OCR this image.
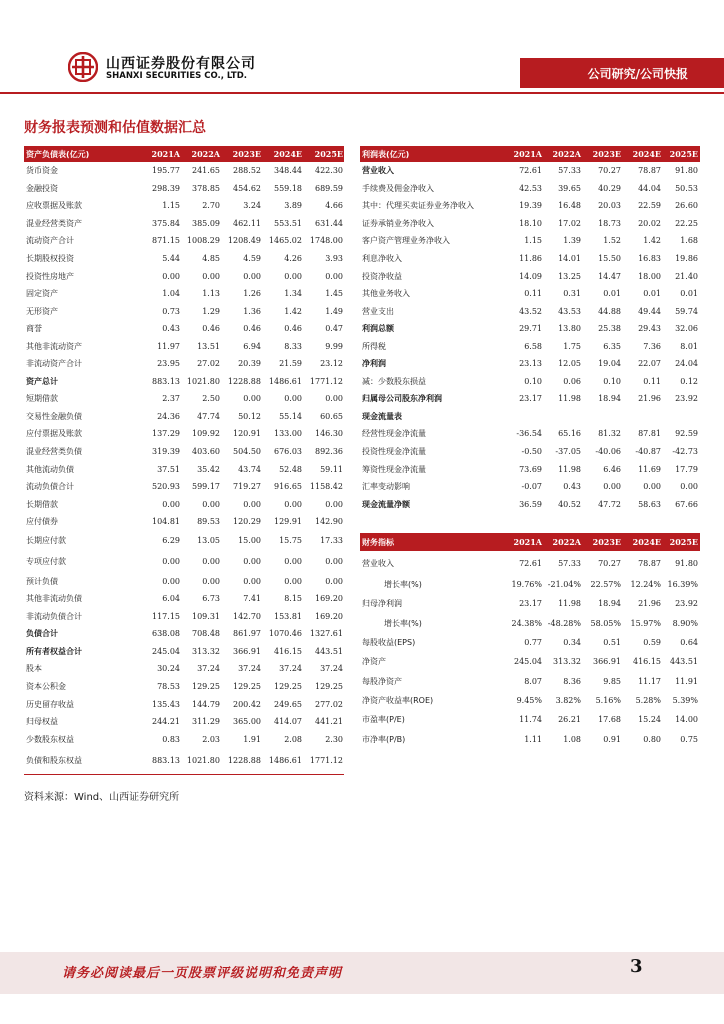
山西证券股份有限公司
SHANXI SECURITIES CO., LTD.	公司研究/公司快报
财务报表预测和估值数据汇总
资产负债表(亿元)	2021A	2022A	2023E	2024E	2025E
货币资金	195.77	241.65	288.52	348.44	422.30
金融投资	298.39	378.85	454.62	559.18	689.59
应收票据及账款	1.15	2.70	3.24	3.89	4.66
混业经营类资产	375.84	385.09	462.11	553.51	631.44
流动资产合计	871.15 1008.29 1208.49 1465.02 1748.00
长期股权投资	5.44	4.85	4.59	4.26	3.93
投资性房地产	0.00	0.00	0.00	0.00	0.00
固定资产	1.04	1.13	1.26	1.34	1.45
无形资产	0.73	1.29	1.36	1.42	1.49
商誉	0.43	0.46	0.46	0.46	0.47
其他非流动资产	11.97	13.51	6.94	8.33	9.99
非流动资产合计	23.95	27.02	20.39	21.59	23.12
资产总计	883.13 1021.80 1228.88 1486.61 1771.12
短期借款	2.37	2.50	0.00	0.00	0.00
交易性金融负债	24.36	47.74	50.12	55.14	60.65
应付票据及账款	137.29	109.92	120.91	133.00	146.30
混业经营类负债	319.39	403.60	504.50	676.03	892.36
其他流动负债	37.51	35.42	43.74	52.48	59.11
流动负债合计	520.93	599.17	719.27	916.65 1158.42
长期借款	0.00	0.00	0.00	0.00	0.00
应付债券	104.81	89.53	120.29	129.91	142.90
长期应付款	6.29	13.05	15.00	15.75	17.33
专项应付款	0.00	0.00	0.00	0.00	0.00
预计负债	0.00	0.00	0.00	0.00	0.00
其他非流动负债	6.04	6.73	7.41	8.15	169.20
非流动负债合计	117.15	109.31	142.70	153.81	169.20
负债合计	638.08	708.48	861.97 1070.46 1327.61
所有者权益合计	245.04	313.32	366.91	416.15	443.51
股本	30.24	37.24	37.24	37.24	37.24
资本公积金	78.53	129.25	129.25	129.25	129.25
历史留存收益	135.43	144.79	200.42	249.65	277.02
归母权益	244.21	311.29	365.00	414.07	441.21
少数股东权益	0.83	2.03	1.91	2.08	2.30
负债和股东权益	883.13 1021.80 1228.88 1486.61 1771.12
利润表(亿元)	2021A	2022A	2023E	2024E	2025E
营业收入	72.61	57.33	70.27	78.87	91.80
手续费及佣金净收入	42.53	39.65	40.29	44.04	50.53
其中：代理买卖证券业务净收入	19.39	16.48	20.03	22.59	26.60
证券承销业务净收入	18.10	17.02	18.73	20.02	22.25
客户资产管理业务净收入	1.15	1.39	1.52	1.42	1.68
利息净收入	11.86	14.01	15.50	16.83	19.86
投资净收益	14.09	13.25	14.47	18.00	21.40
其他业务收入	0.11	0.31	0.01	0.01	0.01
营业支出	43.52	43.53	44.88	49.44	59.74
利润总额	29.71	13.80	25.38	29.43	32.06
所得税	6.58	1.75	6.35	7.36	8.01
净利润	23.13	12.05	19.04	22.07	24.04
减：少数股东损益	0.10	0.06	0.10	0.11	0.12
归属母公司股东净利润	23.17	11.98	18.94	21.96	23.92
现金流量表
经营性现金净流量	-36.54	65.16	81.32	87.81	92.59
投资性现金净流量	-0.50	-37.05	-40.06	-40.87	-42.73
筹资性现金净流量	73.69	11.98	6.46	11.69	17.79
汇率变动影响	-0.07	0.43	0.00	0.00	0.00
现金流量净额	36.59	40.52	47.72	58.63	67.66
财务指标	2021A	2022A	2023E	2024E	2025E
营业收入	72.61	57.33	70.27	78.87	91.80
增长率(%)	19.76% -21.04%	22.57%	12.24% 16.39%
归母净利润	23.17	11.98	18.94	21.96	23.92
增长率(%)	24.38% -48.28%	58.05%	15.97%	8.90%
每股收益(EPS)	0.77	0.34	0.51	0.59	0.64
净资产	245.04	313.32	366.91	416.15	443.51
每股净资产	8.07	8.36	9.85	11.17	11.91
净资产收益率(ROE)	9.45%	3.82%	5.16%	5.28%	5.39%
市盈率(P/E)	11.74	26.21	17.68	15.24	14.00
市净率(P/B)	1.11	1.08	0.91	0.80	0.75
资料来源：Wind、山西证券研究所
请务必阅读最后一页股票评级说明和免责声明	3
